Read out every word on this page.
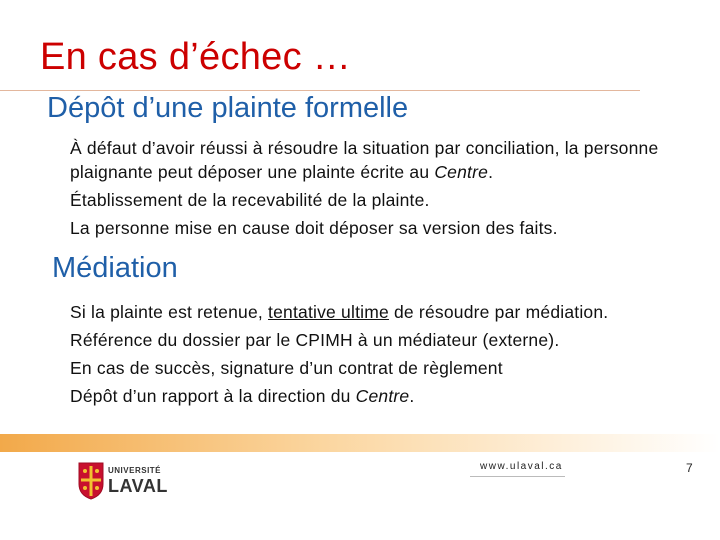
En cas d’échec …
Dépôt d’une plainte formelle
À défaut d’avoir réussi à résoudre la situation par conciliation, la personne plaignante peut déposer une plainte écrite au Centre.
Établissement de la recevabilité de la plainte.
La personne mise en cause doit déposer sa version des faits.
Médiation
Si la plainte est retenue, tentative ultime de résoudre par médiation.
Référence du dossier par le CPIMH à un médiateur (externe).
En cas de succès, signature d’un contrat de règlement
Dépôt d’un rapport à la direction du Centre.
UNIVERSITÉ
LAVAL
www.ulaval.ca	7
